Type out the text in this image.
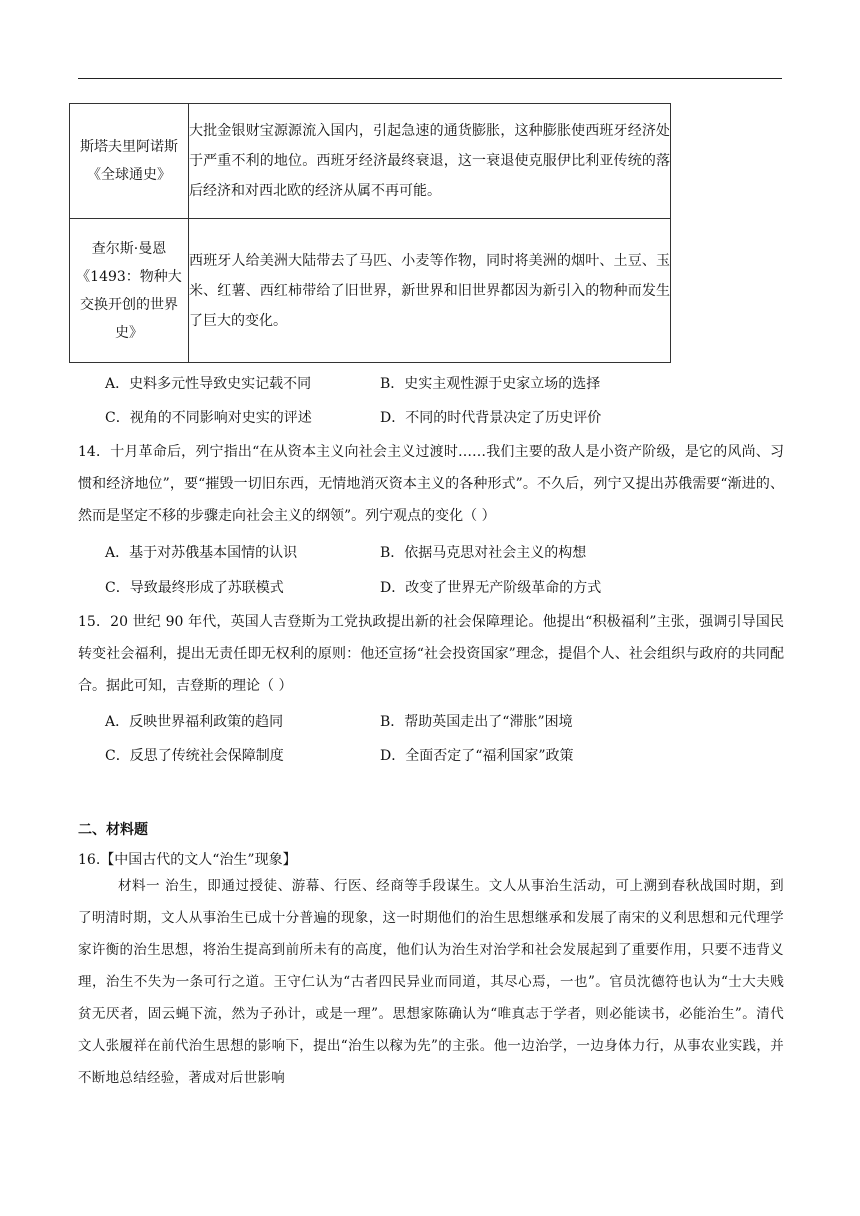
斯塔夫里阿诺斯《全球通史》	大批金银财宝源源流入国内，引起急速的通货膨胀，这种膨胀使西班牙经济处于严重不利的地位。西班牙经济最终衰退，这一衰退使克服伊比利亚传统的落后经济和对西北欧的经济从属不再可能。
查尔斯·曼恩《1493：物种大交换开创的世界史》	西班牙人给美洲大陆带去了马匹、小麦等作物，同时将美洲的烟叶、土豆、玉米、红薯、西红柿带给了旧世界，新世界和旧世界都因为新引入的物种而发生了巨大的变化。
A．史料多元性导致史实记载不同	B．史实主观性源于史家立场的选择
C．视角的不同影响对史实的评述	D．不同的时代背景决定了历史评价
14．十月革命后，列宁指出“在从资本主义向社会主义过渡时……我们主要的敌人是小资产阶级，是它的风尚、习惯和经济地位”，要“摧毁一切旧东西，无情地消灭资本主义的各种形式”。不久后，列宁又提出苏俄需要“渐进的、然而是坚定不移的步骤走向社会主义的纲领”。列宁观点的变化（ ）
A．基于对苏俄基本国情的认识	B．依据马克思对社会主义的构想
C．导致最终形成了苏联模式	D．改变了世界无产阶级革命的方式
15．20 世纪 90 年代，英国人吉登斯为工党执政提出新的社会保障理论。他提出“积极福利”主张，强调引导国民转变社会福利，提出无责任即无权利的原则：他还宣扬“社会投资国家”理念，提倡个人、社会组织与政府的共同配合。据此可知，吉登斯的理论（ ）
A．反映世界福利政策的趋同	B．帮助英国走出了“滞胀”困境
C．反思了传统社会保障制度	D．全面否定了“福利国家”政策
二、材料题
16.【中国古代的文人“治生”现象】
材料一 治生，即通过授徒、游幕、行医、经商等手段谋生。文人从事治生活动，可上溯到春秋战国时期，到了明清时期，文人从事治生已成十分普遍的现象，这一时期他们的治生思想继承和发展了南宋的义利思想和元代理学家许衡的治生思想，将治生提高到前所未有的高度，他们认为治生对治学和社会发展起到了重要作用，只要不违背义理，治生不失为一条可行之道。王守仁认为“古者四民异业而同道，其尽心焉，一也”。官员沈德符也认为“士大夫贱贫无厌者，固云蝇下流，然为子孙计，或是一理”。思想家陈确认为“唯真志于学者，则必能读书，必能治生”。清代文人张履祥在前代治生思想的影响下，提出“治生以稼为先”的主张。他一边治学，一边身体力行，从事农业实践，并不断地总结经验，著成对后世影响
